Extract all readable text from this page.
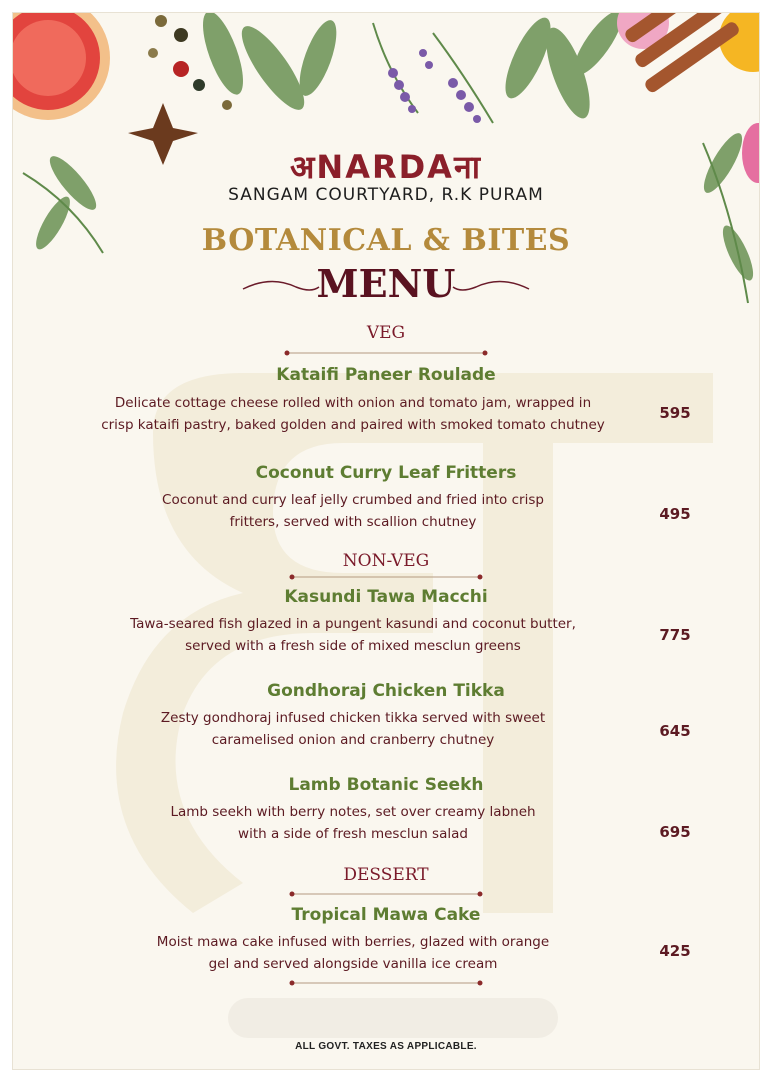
अNARDAना
SANGAM COURTYARD, R.K PURAM
BOTANICAL & BITES
MENU
VEG
Kataifi Paneer Roulade
Delicate cottage cheese rolled with onion and tomato jam, wrapped in
crisp kataifi pastry, baked golden and paired with smoked tomato chutney
595
Coconut Curry Leaf Fritters
Coconut and curry leaf jelly crumbed and fried into crisp
fritters, served with scallion chutney	495
NON-VEG
Kasundi Tawa Macchi
Tawa-seared fish glazed in a pungent kasundi and coconut butter,
served with a fresh side of mixed mesclun greens
775
Gondhoraj Chicken Tikka
Zesty gondhoraj infused chicken tikka served with sweet
caramelised onion and cranberry chutney	645
Lamb Botanic Seekh
Lamb seekh with berry notes, set over creamy labneh
with a side of fresh mesclun salad	695
DESSERT
Tropical Mawa Cake
Moist mawa cake infused with berries, glazed with orange
gel and served alongside vanilla ice cream
425
ALL GOVT. TAXES AS APPLICABLE.
